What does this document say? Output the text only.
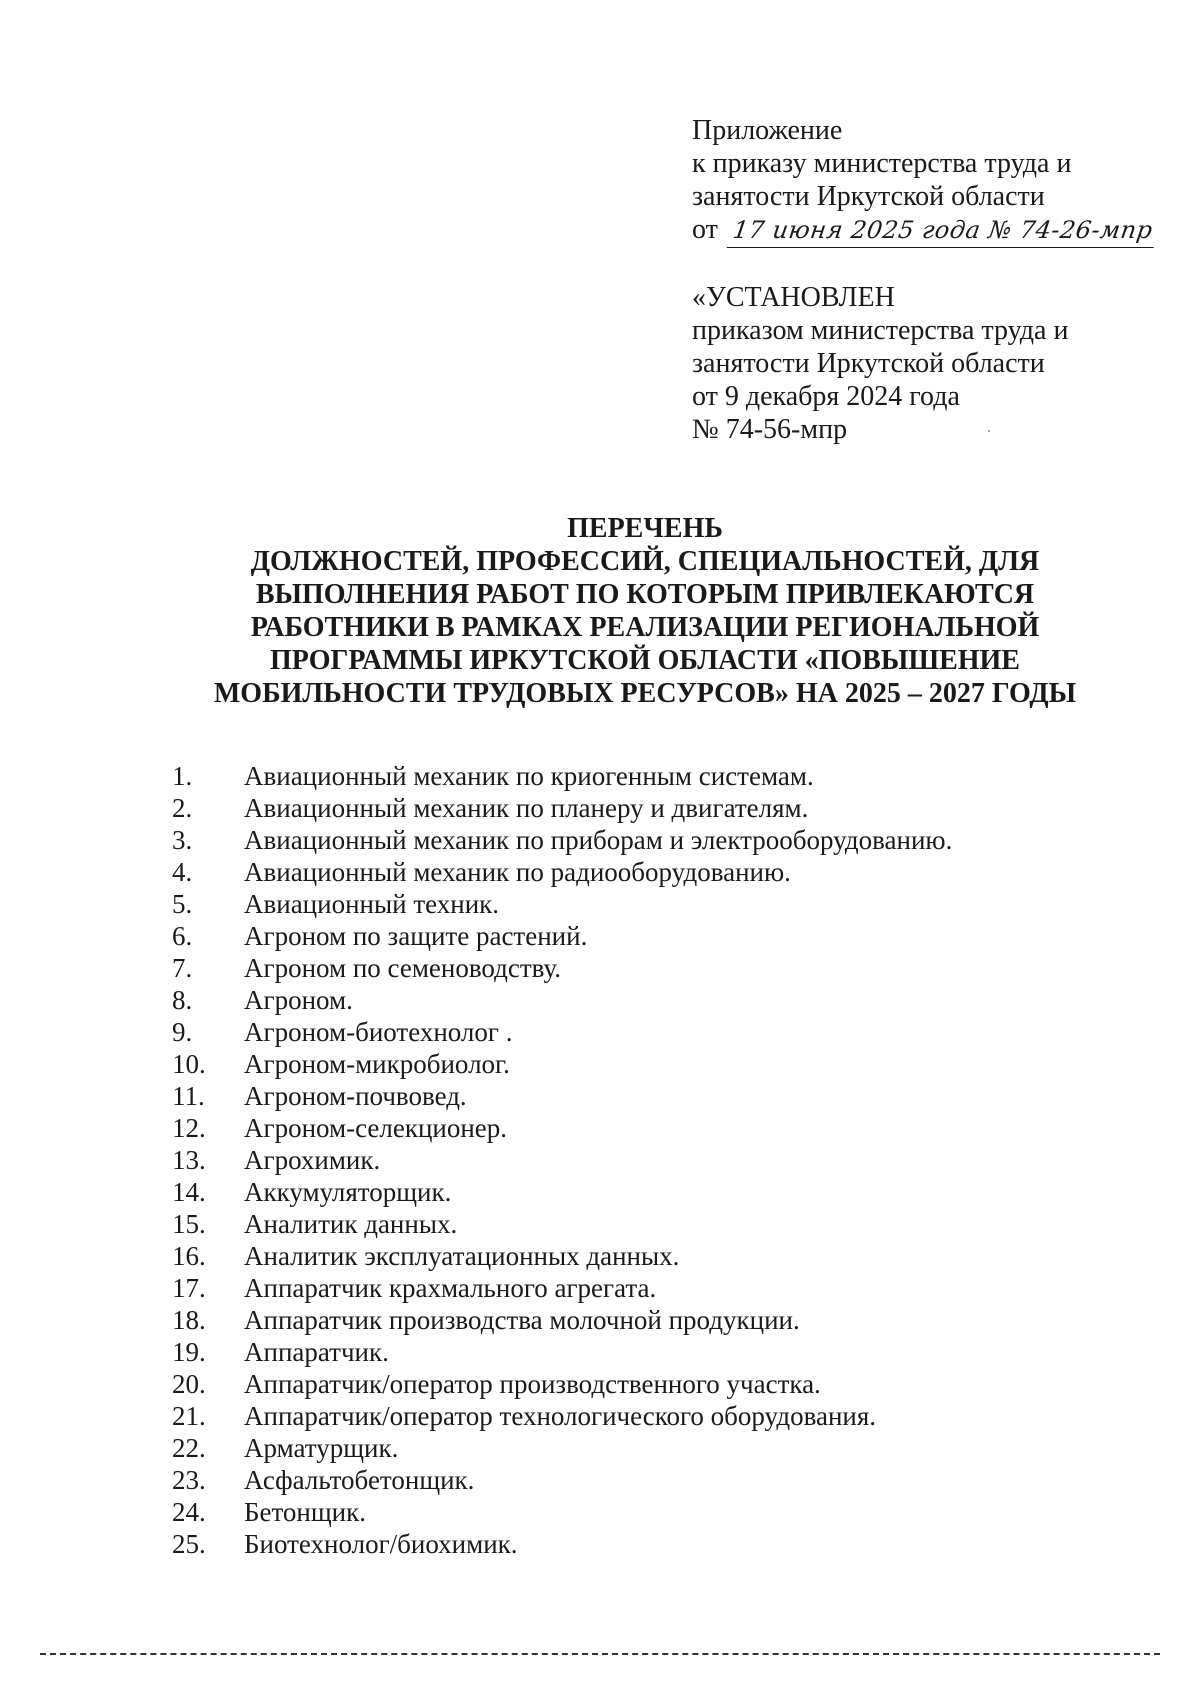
Приложение
к приказу министерства труда и
занятости Иркутской области
от 17 июня 2025 года № 74-26-мпр
«УСТАНОВЛЕН
приказом министерства труда и
занятости Иркутской области
от 9 декабря 2024 года
№ 74-56-мпр
ПЕРЕЧЕНЬ
ДОЛЖНОСТЕЙ, ПРОФЕССИЙ, СПЕЦИАЛЬНОСТЕЙ, ДЛЯ
ВЫПОЛНЕНИЯ РАБОТ ПО КОТОРЫМ ПРИВЛЕКАЮТСЯ
РАБОТНИКИ В РАМКАХ РЕАЛИЗАЦИИ РЕГИОНАЛЬНОЙ
ПРОГРАММЫ ИРКУТСКОЙ ОБЛАСТИ «ПОВЫШЕНИЕ
МОБИЛЬНОСТИ ТРУДОВЫХ РЕСУРСОВ» НА 2025 – 2027 ГОДЫ
1.	Авиационный механик по криогенным системам.
2.	Авиационный механик по планеру и двигателям.
3.	Авиационный механик по приборам и электрооборудованию.
4.	Авиационный механик по радиооборудованию.
5.	Авиационный техник.
6.	Агроном по защите растений.
7.	Агроном по семеноводству.
8.	Агроном.
9.	Агроном-биотехнолог .
10.	Агроном-микробиолог.
11.	Агроном-почвовед.
12.	Агроном-селекционер.
13.	Агрохимик.
14.	Аккумуляторщик.
15.	Аналитик данных.
16.	Аналитик эксплуатационных данных.
17.	Аппаратчик крахмального агрегата.
18.	Аппаратчик производства молочной продукции.
19.	Аппаратчик.
20.	Аппаратчик/оператор производственного участка.
21.	Аппаратчик/оператор технологического оборудования.
22.	Арматурщик.
23.	Асфальтобетонщик.
24.	Бетонщик.
25.	Биотехнолог/биохимик.
